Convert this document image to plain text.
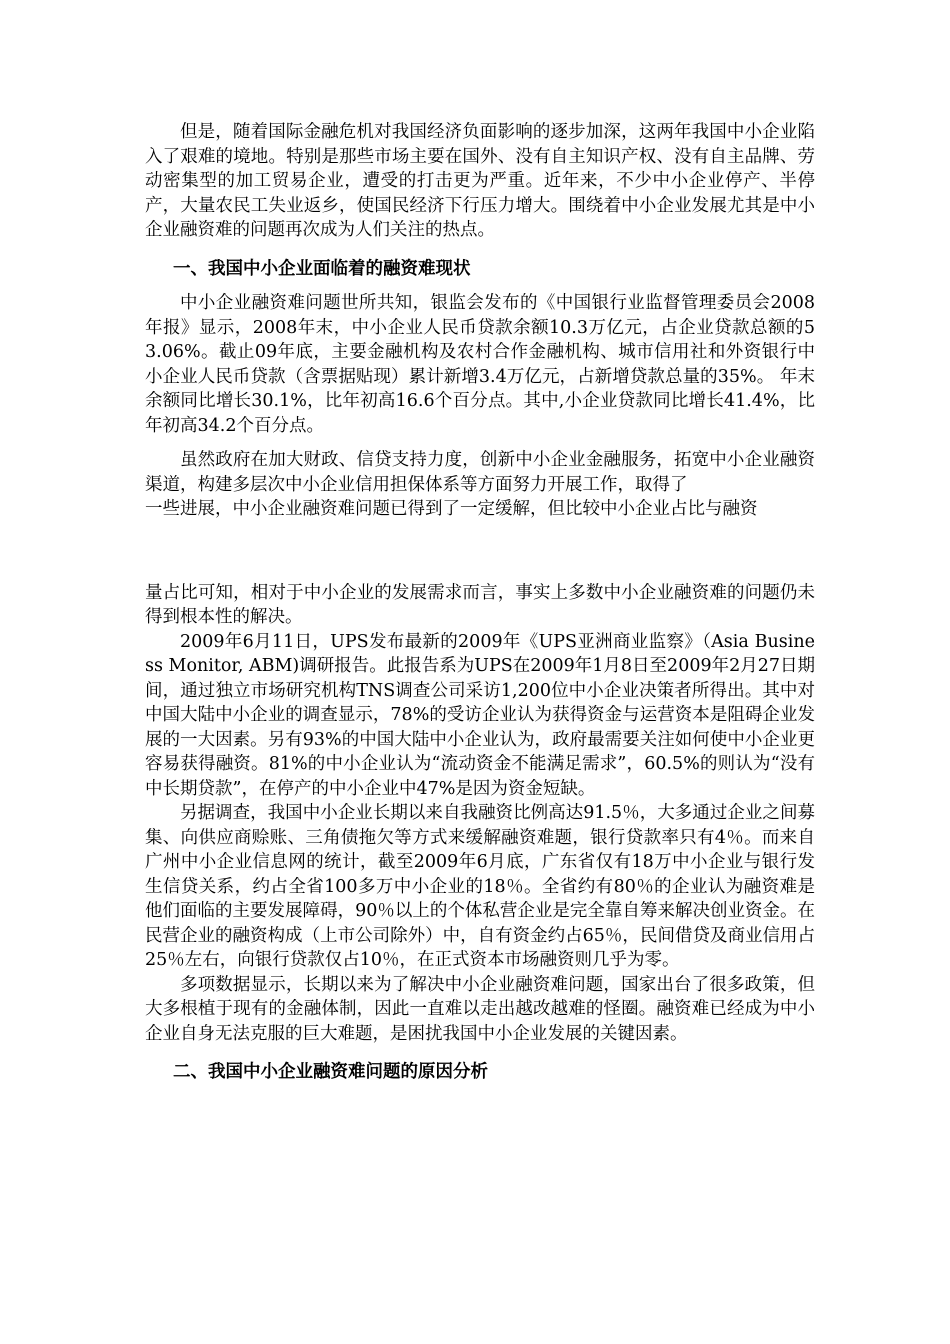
但是，随着国际金融危机对我国经济负面影响的逐步加深，这两年我国中小企业陷入了艰难的境地。特别是那些市场主要在国外、没有自主知识产权、没有自主品牌、劳动密集型的加工贸易企业，遭受的打击更为严重。近年来，不少中小企业停产、半停产，大量农民工失业返乡，使国民经济下行压力增大。围绕着中小企业发展尤其是中小企业融资难的问题再次成为人们关注的热点。

一、我国中小企业面临着的融资难现状

中小企业融资难问题世所共知，银监会发布的《中国银行业监督管理委员会2008年报》显示，2008年末，中小企业人民币贷款余额10.3万亿元，占企业贷款总额的53.06%。截止09年底，主要金融机构及农村合作金融机构、城市信用社和外资银行中小企业人民币贷款（含票据贴现）累计新增3.4万亿元，占新增贷款总量的35%。 年末余额同比增长30.1%，比年初高16.6个百分点。其中,小企业贷款同比增长41.4%，比年初高34.2个百分点。

虽然政府在加大财政、信贷支持力度，创新中小企业金融服务，拓宽中小企业融资渠道，构建多层次中小企业信用担保体系等方面努力开展工作，取得了
一些进展，中小企业融资难问题已得到了一定缓解，但比较中小企业占比与融资

量占比可知，相对于中小企业的发展需求而言，事实上多数中小企业融资难的问题仍未得到根本性的解决。

2009年6月11日，UPS发布最新的2009年《UPS亚洲商业监察》（Asia Business Monitor, ABM)调研报告。此报告系为UPS在2009年1月8日至2009年2月27日期间，通过独立市场研究机构TNS调查公司采访1,200位中小企业决策者所得出。其中对中国大陆中小企业的调查显示，78%的受访企业认为获得资金与运营资本是阻碍企业发展的一大因素。另有93%的中国大陆中小企业认为，政府最需要关注如何使中小企业更容易获得融资。81%的中小企业认为“流动资金不能满足需求”，60.5%的则认为“没有中长期贷款”，在停产的中小企业中47%是因为资金短缺。

另据调查，我国中小企业长期以来自我融资比例高达91.5％，大多通过企业之间募集、向供应商赊账、三角债拖欠等方式来缓解融资难题，银行贷款率只有4％。而来自广州中小企业信息网的统计，截至2009年6月底，广东省仅有18万中小企业与银行发生信贷关系，约占全省100多万中小企业的18％。全省约有80％的企业认为融资难是他们面临的主要发展障碍，90％以上的个体私营企业是完全靠自筹来解决创业资金。在民营企业的融资构成（上市公司除外）中，自有资金约占65％，民间借贷及商业信用占25％左右，向银行贷款仅占10％，在正式资本市场融资则几乎为零。

多项数据显示，长期以来为了解决中小企业融资难问题，国家出台了很多政策，但大多根植于现有的金融体制，因此一直难以走出越改越难的怪圈。融资难已经成为中小企业自身无法克服的巨大难题，是困扰我国中小企业发展的关键因素。

二、我国中小企业融资难问题的原因分析
